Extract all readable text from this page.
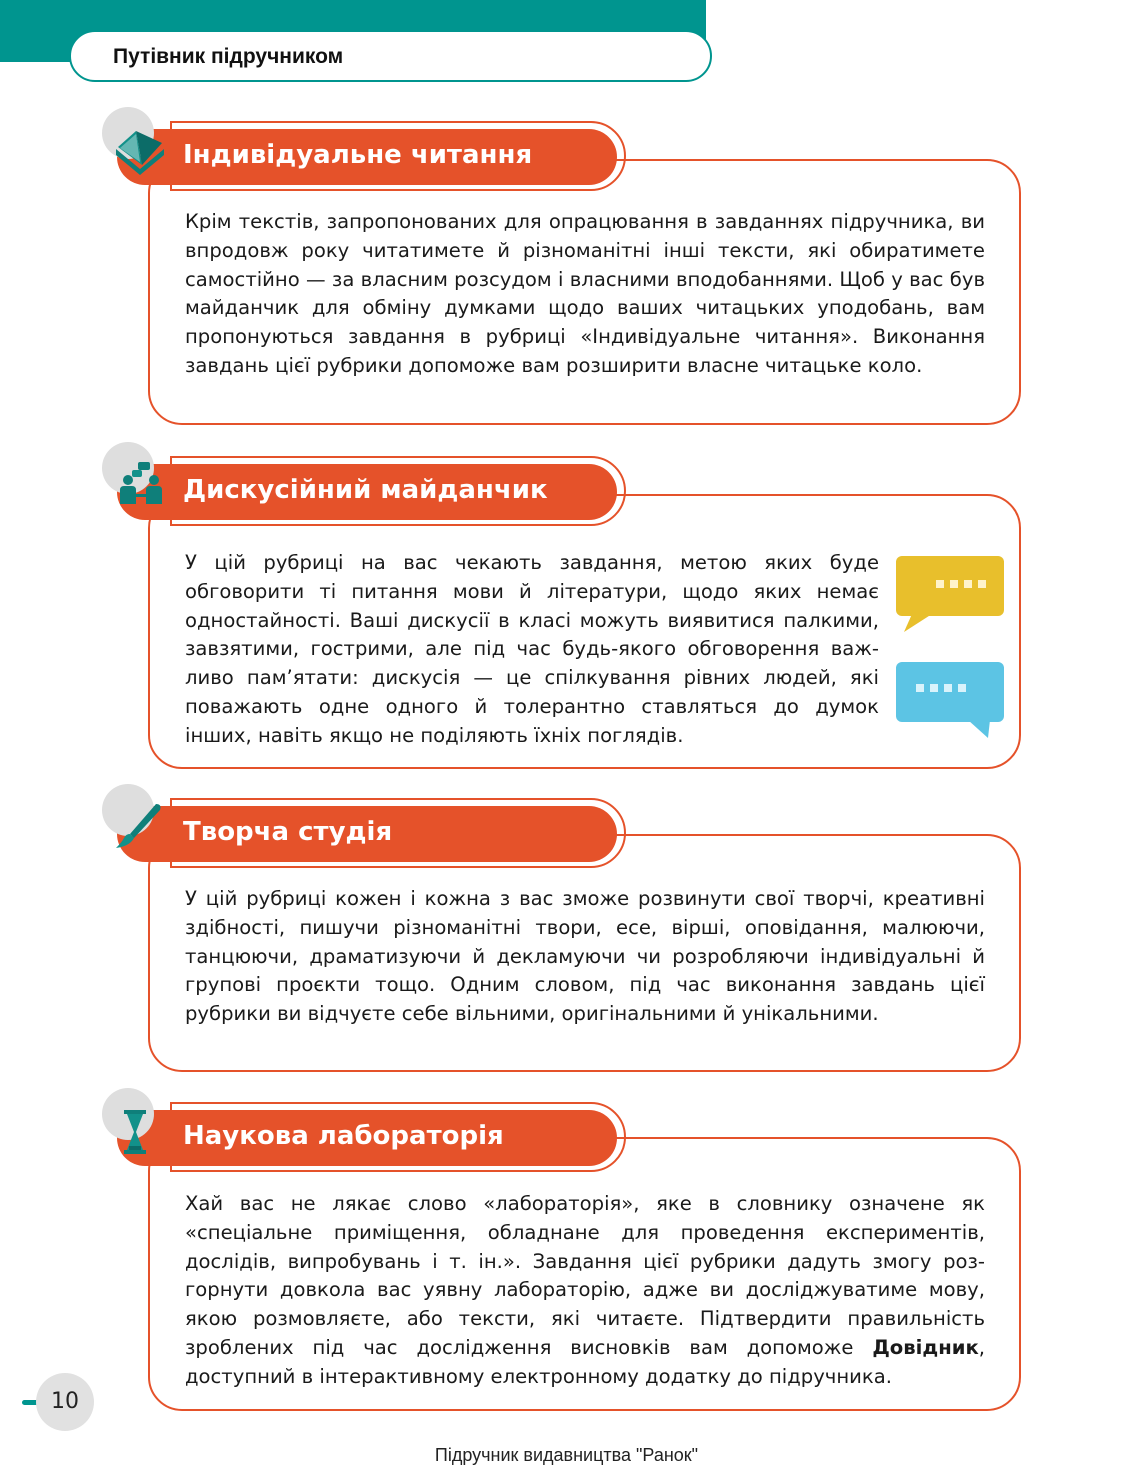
Путівник підручником
Крім текстів, запропонованих для опрацювання в завданнях підручника, ви впродовж року читатимете й різноманітні інші тексти, які обиратимете самостійно — за власним розсудом і власними вподобаннями. Щоб у вас був майданчик для обміну думками щодо ваших читацьких уподобань, вам пропонуються завдання в рубриці «Індивідуальне читання». Виконання завдань цієї рубрики допоможе вам розширити власне читацьке коло.
Індивідуальне читання
У цій рубриці на вас чекають завдання, метою яких буде обговорити ті питання мови й літератури, щодо яких немає одностайності. Ваші дискусії в класі можуть виявитися палкими, завзятими, гострими, але під час будь-якого обговорення важливо пам’ятати: дискусія — це спілкування рівних людей, які поважають одне одного й толерантно ставляться до думок інших, навіть якщо не поділяють їхніх поглядів.
Дискусійний майданчик
У цій рубриці кожен і кожна з вас зможе розвинути свої творчі, креативні здібності, пишучи різноманітні твори, есе, вірші, оповідання, малюючи, танцюючи, драматизуючи й декламуючи чи розробляючи індивідуальні й групові проєкти тощо. Одним словом, під час виконання завдань цієї рубрики ви відчуєте себе вільними, оригінальними й унікальними.
Творча студія
Хай вас не лякає слово «лабораторія», яке в словнику означене як «спеціальне приміщення, обладнане для проведення експериментів, дослідів, випробувань і т. ін.». Завдання цієї рубрики дадуть змогу розгорнути довкола вас уявну лабораторію, адже ви досліджуватиме мову, якою розмовляєте, або тексти, які читаєте. Підтвердити правильність зроблених під час дослідження висновків вам допоможе Довідник, доступний в інтерактивному електронному додатку до підручника.
Наукова лабораторія
10
Підручник видавництва "Ранок"
